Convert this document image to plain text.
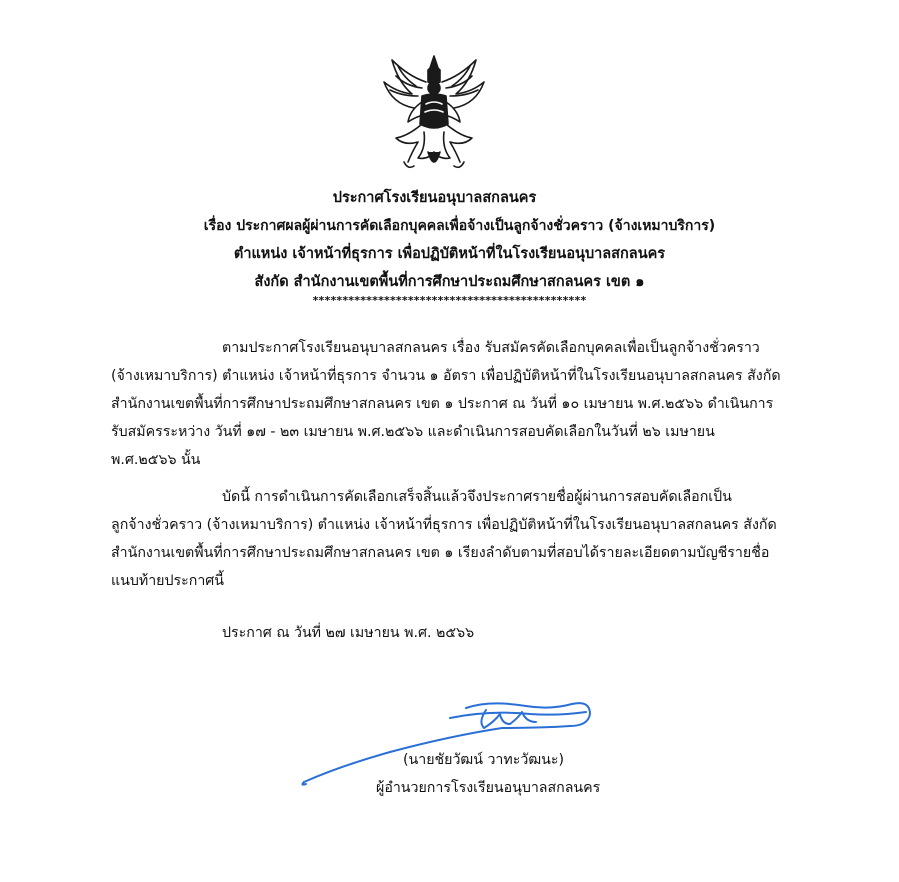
ประกาศโรงเรียนอนุบาลสกลนคร
เรื่อง ประกาศผลผู้ผ่านการคัดเลือกบุคคลเพื่อจ้างเป็นลูกจ้างชั่วคราว (จ้างเหมาบริการ)
ตำแหน่ง เจ้าหน้าที่ธุรการ เพื่อปฏิบัติหน้าที่ในโรงเรียนอนุบาลสกลนคร
สังกัด สำนักงานเขตพื้นที่การศึกษาประถมศึกษาสกลนคร เขต ๑
**********************************************
ตามประกาศโรงเรียนอนุบาลสกลนคร เรื่อง รับสมัครคัดเลือกบุคคลเพื่อเป็นลูกจ้างชั่วคราว
(จ้างเหมาบริการ) ตำแหน่ง เจ้าหน้าที่ธุรการ จำนวน ๑ อัตรา เพื่อปฏิบัติหน้าที่ในโรงเรียนอนุบาลสกลนคร สังกัด
สำนักงานเขตพื้นที่การศึกษาประถมศึกษาสกลนคร เขต ๑ ประกาศ ณ วันที่ ๑๐ เมษายน พ.ศ.๒๕๖๖ ดำเนินการ
รับสมัครระหว่าง วันที่ ๑๗ - ๒๓ เมษายน พ.ศ.๒๕๖๖ และดำเนินการสอบคัดเลือกในวันที่ ๒๖ เมษายน
พ.ศ.๒๕๖๖ นั้น
บัดนี้ การดำเนินการคัดเลือกเสร็จสิ้นแล้วจึงประกาศรายชื่อผู้ผ่านการสอบคัดเลือกเป็น
ลูกจ้างชั่วคราว (จ้างเหมาบริการ) ตำแหน่ง เจ้าหน้าที่ธุรการ เพื่อปฏิบัติหน้าที่ในโรงเรียนอนุบาลสกลนคร สังกัด
สำนักงานเขตพื้นที่การศึกษาประถมศึกษาสกลนคร เขต ๑ เรียงลำดับตามที่สอบได้รายละเอียดตามบัญชีรายชื่อ
แนบท้ายประกาศนี้
ประกาศ ณ วันที่ ๒๗ เมษายน พ.ศ. ๒๕๖๖
(นายชัยวัฒน์ วาทะวัฒนะ)
ผู้อำนวยการโรงเรียนอนุบาลสกลนคร
